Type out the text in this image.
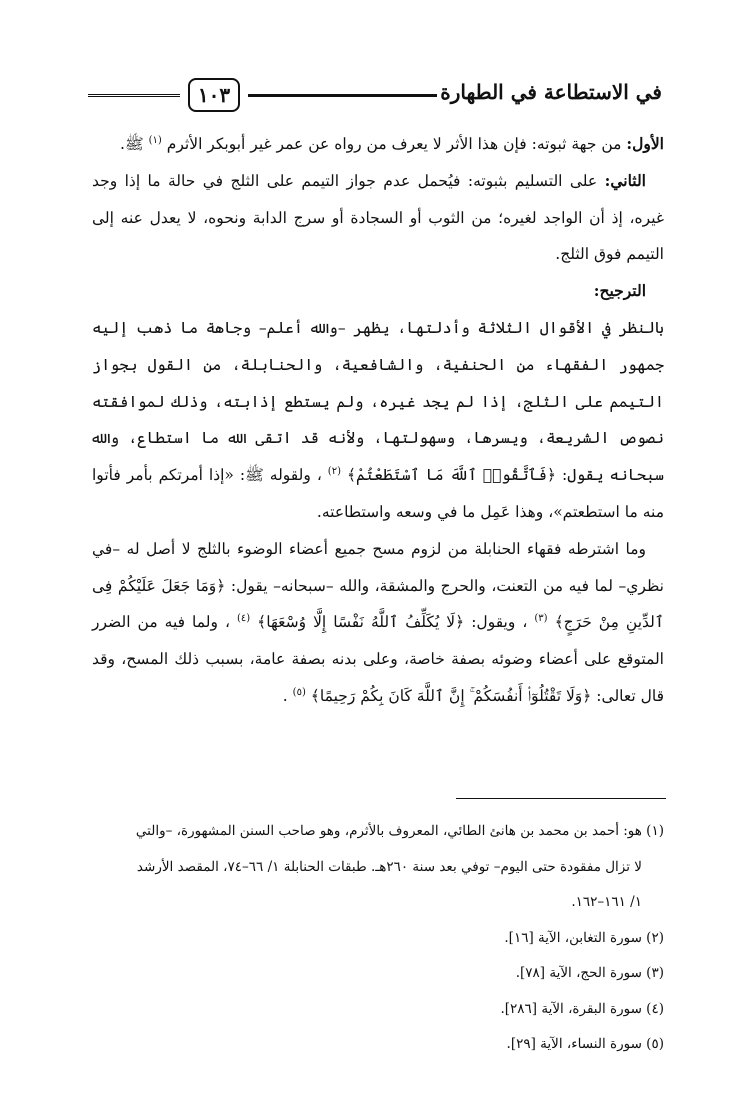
١٠٣	في الاستطاعة في الطهارة

الأول: من جهة ثبوته: فإن هذا الأثر لا يعرف من رواه عن عمر غير أبوبكر الأثرم $^{(١)}$ ﷺ.

الثاني: على التسليم بثبوته: فيُحمل عدم جواز التيمم على الثلج في حالة ما إذا وجد غيره، إذ أن الواجد لغيره؛ من الثوب أو السجادة أو سرج الدابة ونحوه، لا يعدل عنه إلى التيمم فوق الثلج.

الترجيح:

بالنظر في الأقوال الثلاثة وأدلتها، يظهر –والله أعلم– وجاهة ما ذهب إليه جمهور الفقهاء من الحنفية، والشافعية، والحنابلة، من القول بجواز التيمم على الثلج، إذا لم يجد غيره، ولم يستطع إذابته، وذلك لموافقته نصوص الشريعة، ويسرها، وسهولتها، ولأنه قد اتقى الله ما استطاع، والله سبحانه يقول: ﴿فَٱتَّقُوا۟ ٱللَّهَ مَا ٱسْتَطَعْتُمْ﴾ $^{(٢)}$ ، ولقوله ﷺ: «إذا أمرتكم بأمر فأتوا منه ما استطعتم»، وهذا عَمِل ما في وسعه واستطاعته.

وما اشترطه فقهاء الحنابلة من لزوم مسح جميع أعضاء الوضوء بالثلج لا أصل له –في نظري– لما فيه من التعنت، والحرج والمشقة، والله –سبحانه– يقول: ﴿وَمَا جَعَلَ عَلَيْكُمْ فِى ٱلدِّينِ مِنْ حَرَجٍ﴾ $^{(٣)}$ ، ويقول: ﴿لَا يُكَلِّفُ ٱللَّهُ نَفْسًا إِلَّا وُسْعَهَا﴾ $^{(٤)}$ ، ولما فيه من الضرر المتوقع على أعضاء وضوئه بصفة خاصة، وعلى بدنه بصفة عامة، بسبب ذلك المسح، وقد قال تعالى: ﴿وَلَا تَقْتُلُوٓا۟ أَنفُسَكُمْ ۚ إِنَّ ٱللَّهَ كَانَ بِكُمْ رَحِيمًا﴾ $^{(٥)}$ .

(١) هو: أحمد بن محمد بن هانئ الطائي، المعروف بالأثرم، وهو صاحب السنن المشهورة، –والتي

لا تزال مفقودة حتى اليوم– توفي بعد سنة ٢٦٠هـ. طبقات الحنابلة ١/ ٦٦–٧٤، المقصد الأرشد

١/ ١٦١–١٦٢.

(٢) سورة التغابن، الآية [١٦].

(٣) سورة الحج، الآية [٧٨].

(٤) سورة البقرة، الآية [٢٨٦].

(٥) سورة النساء، الآية [٢٩].
